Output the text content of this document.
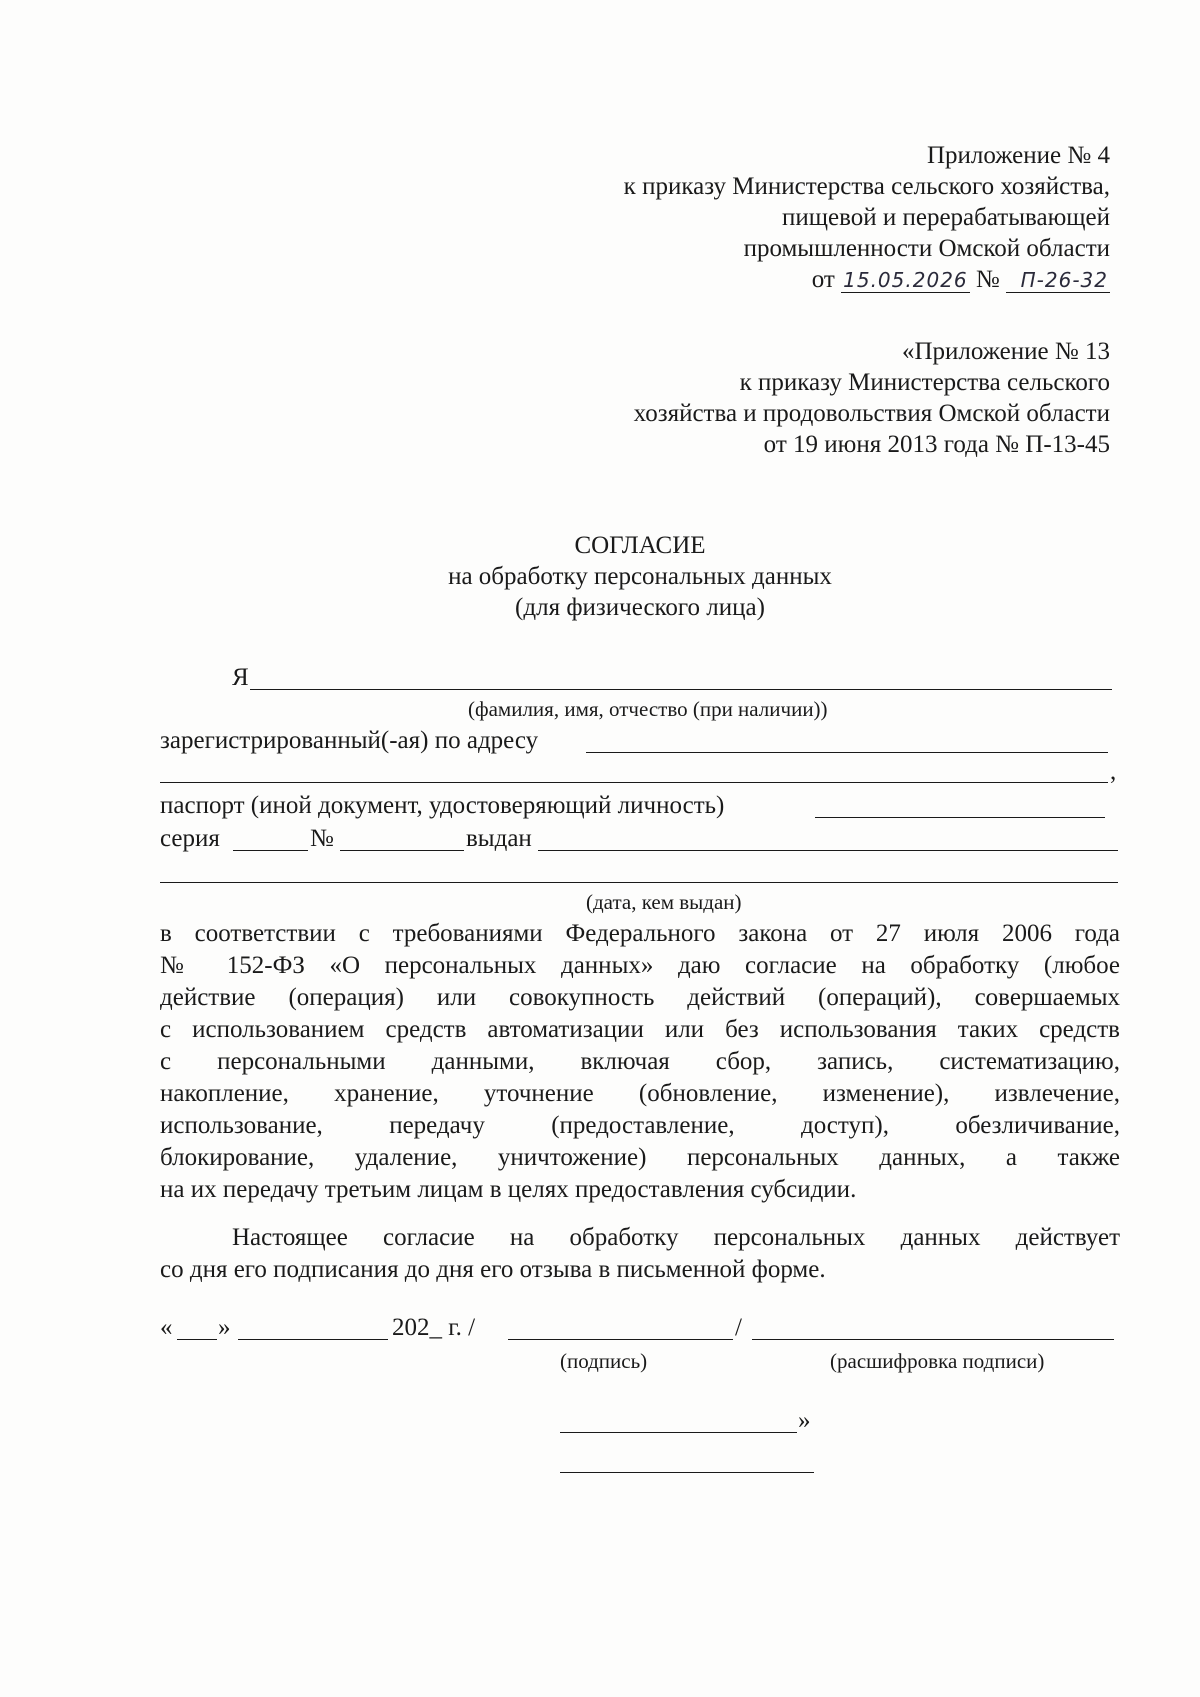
Приложение № 4
к приказу Министерства сельского хозяйства,
пищевой и перерабатывающей
промышленности Омской области
от 15.05.2026 № П-26-32
«Приложение № 13
к приказу Министерства сельского
хозяйства и продовольствия Омской области
от 19 июня 2013 года № П-13-45
СОГЛАСИЕ
на обработку персональных данных
(для физического лица)
Я
(фамилия, имя, отчество (при наличии))
зарегистрированный(-ая) по адресу
,
паспорт (иной документ, удостоверяющий личность)
серия	№	выдан
(дата, кем выдан)
в соответствии с требованиями Федерального закона от 27 июля 2006 года
№ 152-ФЗ «О персональных данных» даю согласие на обработку (любое
действие (операция) или совокупность действий (операций), совершаемых
с использованием средств автоматизации или без использования таких средств
с персональными данными, включая сбор, запись, систематизацию,
накопление, хранение, уточнение (обновление, изменение), извлечение,
использование, передачу (предоставление, доступ), обезличивание,
блокирование, удаление, уничтожение) персональных данных, а также
на их передачу третьим лицам в целях предоставления субсидии.
Настоящее согласие на обработку персональных данных действует
со дня его подписания до дня его отзыва в письменной форме.
« »	202_ г. /	/
(подпись)	(расшифровка подписи)
»
